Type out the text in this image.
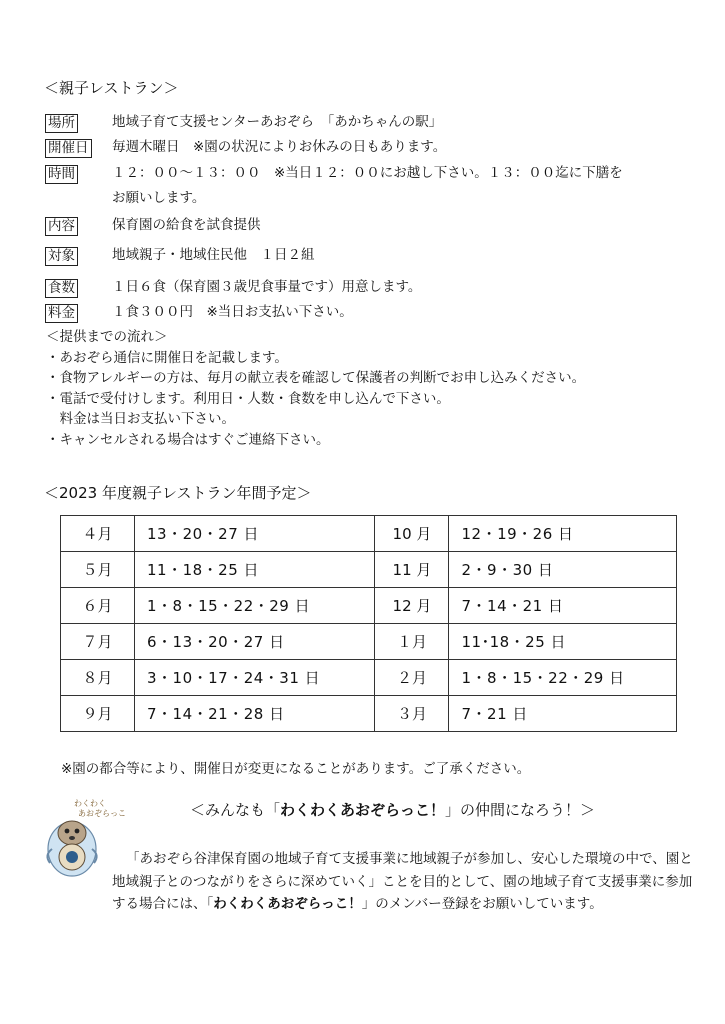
＜親子レストラン＞
場所	地域子育て支援センターあおぞら　「あかちゃんの駅」
開催日 毎週木曜日　※園の状況によりお休みの日もあります。
時間	１２：００～１３：００　※当日１２：００にお越し下さい。１３：００迄に下膳を
お願いします。
内容	保育園の給食を試食提供
対象	地域親子・地域住民他　１日２組
食数	１日６食（保育園３歳児食事量です）用意します。
料金	１食３００円　※当日お支払い下さい。
＜提供までの流れ＞
・あおぞら通信に開催日を記載します。
・食物アレルギーの方は、毎月の献立表を確認して保護者の判断でお申し込みください。
・電話で受付けします。利用日・人数・食数を申し込んで下さい。
　料金は当日お支払い下さい。
・キャンセルされる場合はすぐご連絡下さい。
＜2023 年度親子レストラン年間予定＞
４月	13・20・27 日	10 月	12・19・26 日
５月	11・18・25 日	11 月	2・9・30 日
６月	1・8・15・22・29 日	12 月	7・14・21 日
７月	6・13・20・27 日	１月	11･18・25 日
８月	3・10・17・24・31 日	２月	1・8・15・22・29 日
９月	7・14・21・28 日	３月	7・21 日
※園の都合等により、開催日が変更になることがあります。ご了承ください。
わくわく
あおぞらっこ	＜みんなも「わくわくあおぞらっこ！」の仲間になろう！＞
「あおぞら谷津保育園の地域子育て支援事業に地域親子が参加し、安心した環境の中で、園と地域親子とのつながりをさらに深めていく」ことを目的として、園の地域子育て支援事業に参加する場合には、「わくわくあおぞらっこ！」のメンバー登録をお願いしています。
